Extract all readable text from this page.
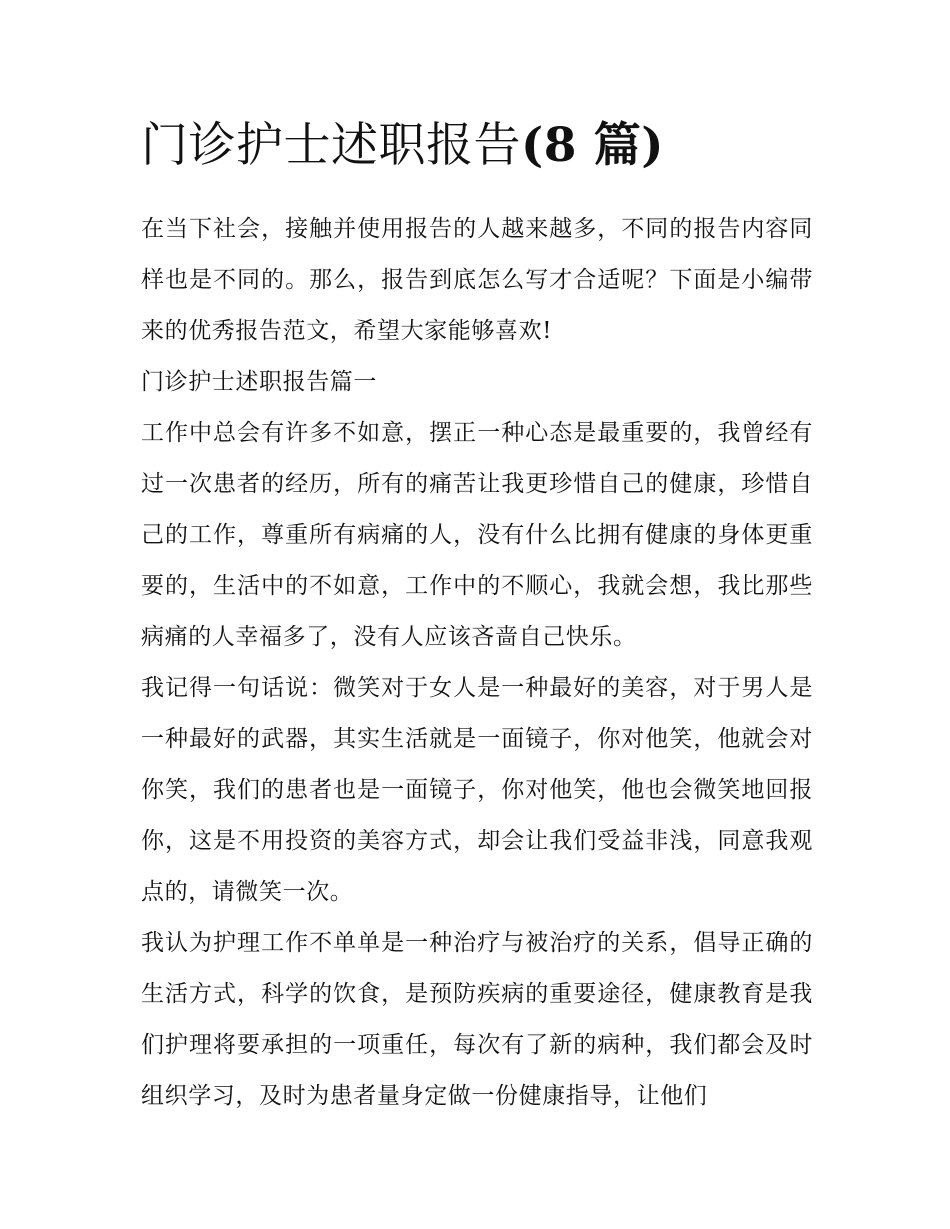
门诊护士述职报告(8 篇)

在当下社会，接触并使用报告的人越来越多，不同的报告内容同样也是不同的。那么，报告到底怎么写才合适呢？下面是小编带来的优秀报告范文，希望大家能够喜欢!

门诊护士述职报告篇一

工作中总会有许多不如意，摆正一种心态是最重要的，我曾经有过一次患者的经历，所有的痛苦让我更珍惜自己的健康，珍惜自己的工作，尊重所有病痛的人，没有什么比拥有健康的身体更重要的，生活中的不如意，工作中的不顺心，我就会想，我比那些病痛的人幸福多了，没有人应该吝啬自己快乐。

我记得一句话说：微笑对于女人是一种最好的美容，对于男人是一种最好的武器，其实生活就是一面镜子，你对他笑，他就会对你笑，我们的患者也是一面镜子，你对他笑，他也会微笑地回报你，这是不用投资的美容方式，却会让我们受益非浅，同意我观点的，请微笑一次。

我认为护理工作不单单是一种治疗与被治疗的关系，倡导正确的生活方式，科学的饮食，是预防疾病的重要途径，健康教育是我们护理将要承担的一项重任，每次有了新的病种，我们都会及时组织学习，及时为患者量身定做一份健康指导，让他们
